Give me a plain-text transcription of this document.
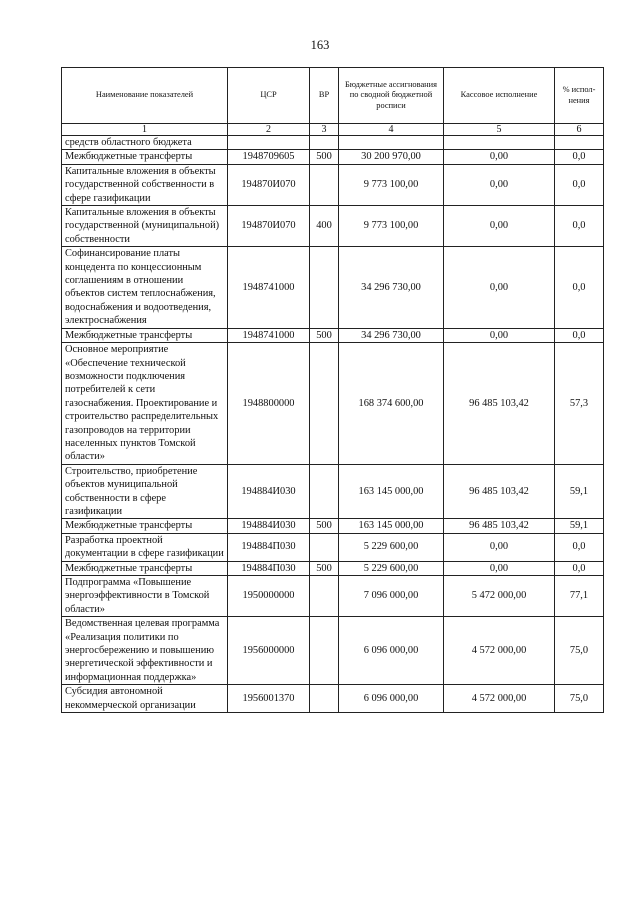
163
Наименование показателей	ЦСР	ВР	Бюджетные ассигнования по сводной бюджетной росписи	Кассовое исполнение	% испол-нения
1	2	3	4	5	6
средств областного бюджета					
Межбюджетные трансферты	1948709605	500	30 200 970,00	0,00	0,0
Капитальные вложения в объекты государственной собственности в сфере газификации	194870И070		9 773 100,00	0,00	0,0
Капитальные вложения в объекты государственной (муниципальной) собственности	194870И070	400	9 773 100,00	0,00	0,0
Софинансирование платы концедента по концессионным соглашениям в отношении объектов систем теплоснабжения, водоснабжения и водоотведения, электроснабжения	1948741000		34 296 730,00	0,00	0,0
Межбюджетные трансферты	1948741000	500	34 296 730,00	0,00	0,0
Основное мероприятие «Обеспечение технической возможности подключения потребителей к сети газоснабжения. Проектирование и строительство распределительных газопроводов на территории населенных пунктов Томской области»	1948800000		168 374 600,00	96 485 103,42	57,3
Строительство, приобретение объектов муниципальной собственности в сфере газификации	194884И030		163 145 000,00	96 485 103,42	59,1
Межбюджетные трансферты	194884И030	500	163 145 000,00	96 485 103,42	59,1
Разработка проектной документации в сфере газификации	194884П030		5 229 600,00	0,00	0,0
Межбюджетные трансферты	194884П030	500	5 229 600,00	0,00	0,0
Подпрограмма «Повышение энергоэффективности в Томской области»	1950000000		7 096 000,00	5 472 000,00	77,1
Ведомственная целевая программа «Реализация политики по энергосбережению и повышению энергетической эффективности и информационная поддержка»	1956000000		6 096 000,00	4 572 000,00	75,0
Субсидия автономной некоммерческой организации	1956001370		6 096 000,00	4 572 000,00	75,0
